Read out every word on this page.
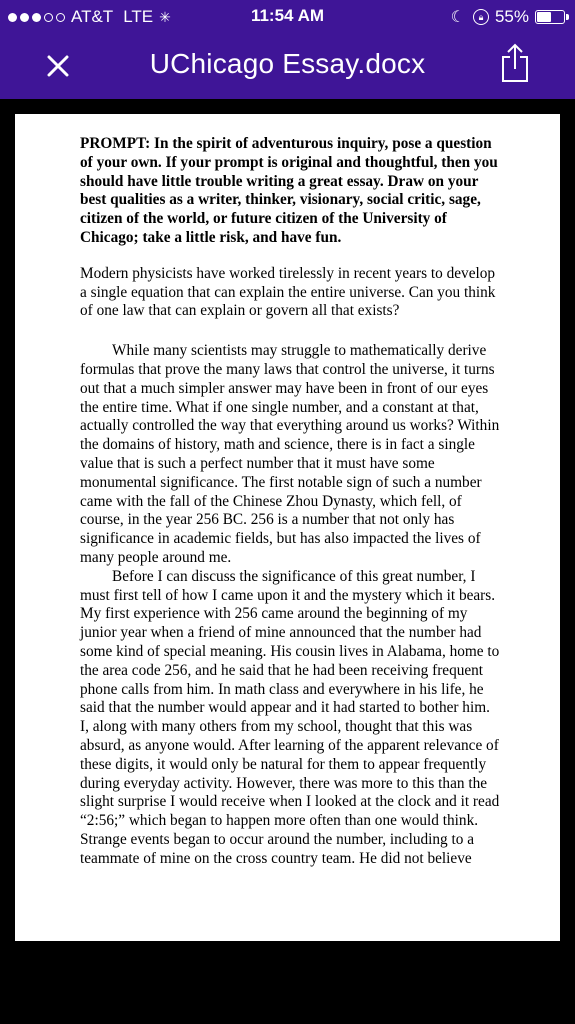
AT&T LTE ✳	11:54 AM	☾	🔒︎ 55%
UChicago Essay.docx

PROMPT: In the spirit of adventurous inquiry, pose a question of your own. If your prompt is original and thoughtful, then you should have little trouble writing a great essay. Draw on your best qualities as a writer, thinker, visionary, social critic, sage, citizen of the world, or future citizen of the University of Chicago; take a little risk, and have fun.

Modern physicists have worked tirelessly in recent years to develop a single equation that can explain the entire universe. Can you think of one law that can explain or govern all that exists?

While many scientists may struggle to mathematically derive formulas that prove the many laws that control the universe, it turns out that a much simpler answer may have been in front of our eyes the entire time. What if one single number, and a constant at that, actually controlled the way that everything around us works? Within the domains of history, math and science, there is in fact a single value that is such a perfect number that it must have some monumental significance. The first notable sign of such a number came with the fall of the Chinese Zhou Dynasty, which fell, of course, in the year 256 BC. 256 is a number that not only has significance in academic fields, but has also impacted the lives of many people around me.

Before I can discuss the significance of this great number, I must first tell of how I came upon it and the mystery which it bears. My first experience with 256 came around the beginning of my junior year when a friend of mine announced that the number had some kind of special meaning. His cousin lives in Alabama, home to the area code 256, and he said that he had been receiving frequent phone calls from him. In math class and everywhere in his life, he said that the number would appear and it had started to bother him. I, along with many others from my school, thought that this was absurd, as anyone would. After learning of the apparent relevance of these digits, it would only be natural for them to appear frequently during everyday activity. However, there was more to this than the slight surprise I would receive when I looked at the clock and it read “2:56;” which began to happen more often than one would think. Strange events began to occur around the number, including to a teammate of mine on the cross country team. He did not believe
